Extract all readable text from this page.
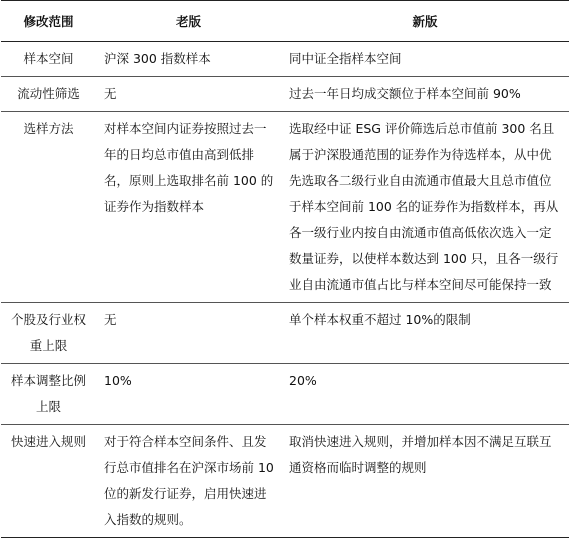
修改范围	老版	新版
样本空间	沪深 300 指数样本	同中证全指样本空间
流动性筛选	无	过去一年日均成交额位于样本空间前 90%
选样方法	对样本空间内证券按照过去一年的日均总市值由高到低排名，原则上选取排名前 100 的证券作为指数样本	选取经中证 ESG 评价筛选后总市值前 300 名且属于沪深股通范围的证券作为待选样本，从中优先选取各二级行业自由流通市值最大且总市值位于样本空间前 100 名的证券作为指数样本，再从各一级行业内按自由流通市值高低依次选入一定数量证券，以使样本数达到 100 只，且各一级行业自由流通市值占比与样本空间尽可能保持一致
个股及行业权重上限	无	单个样本权重不超过 10%的限制
样本调整比例上限	10%	20%
快速进入规则	对于符合样本空间条件、且发行总市值排名在沪深市场前 10 位的新发行证券，启用快速进入指数的规则。	取消快速进入规则，并增加样本因不满足互联互通资格而临时调整的规则
